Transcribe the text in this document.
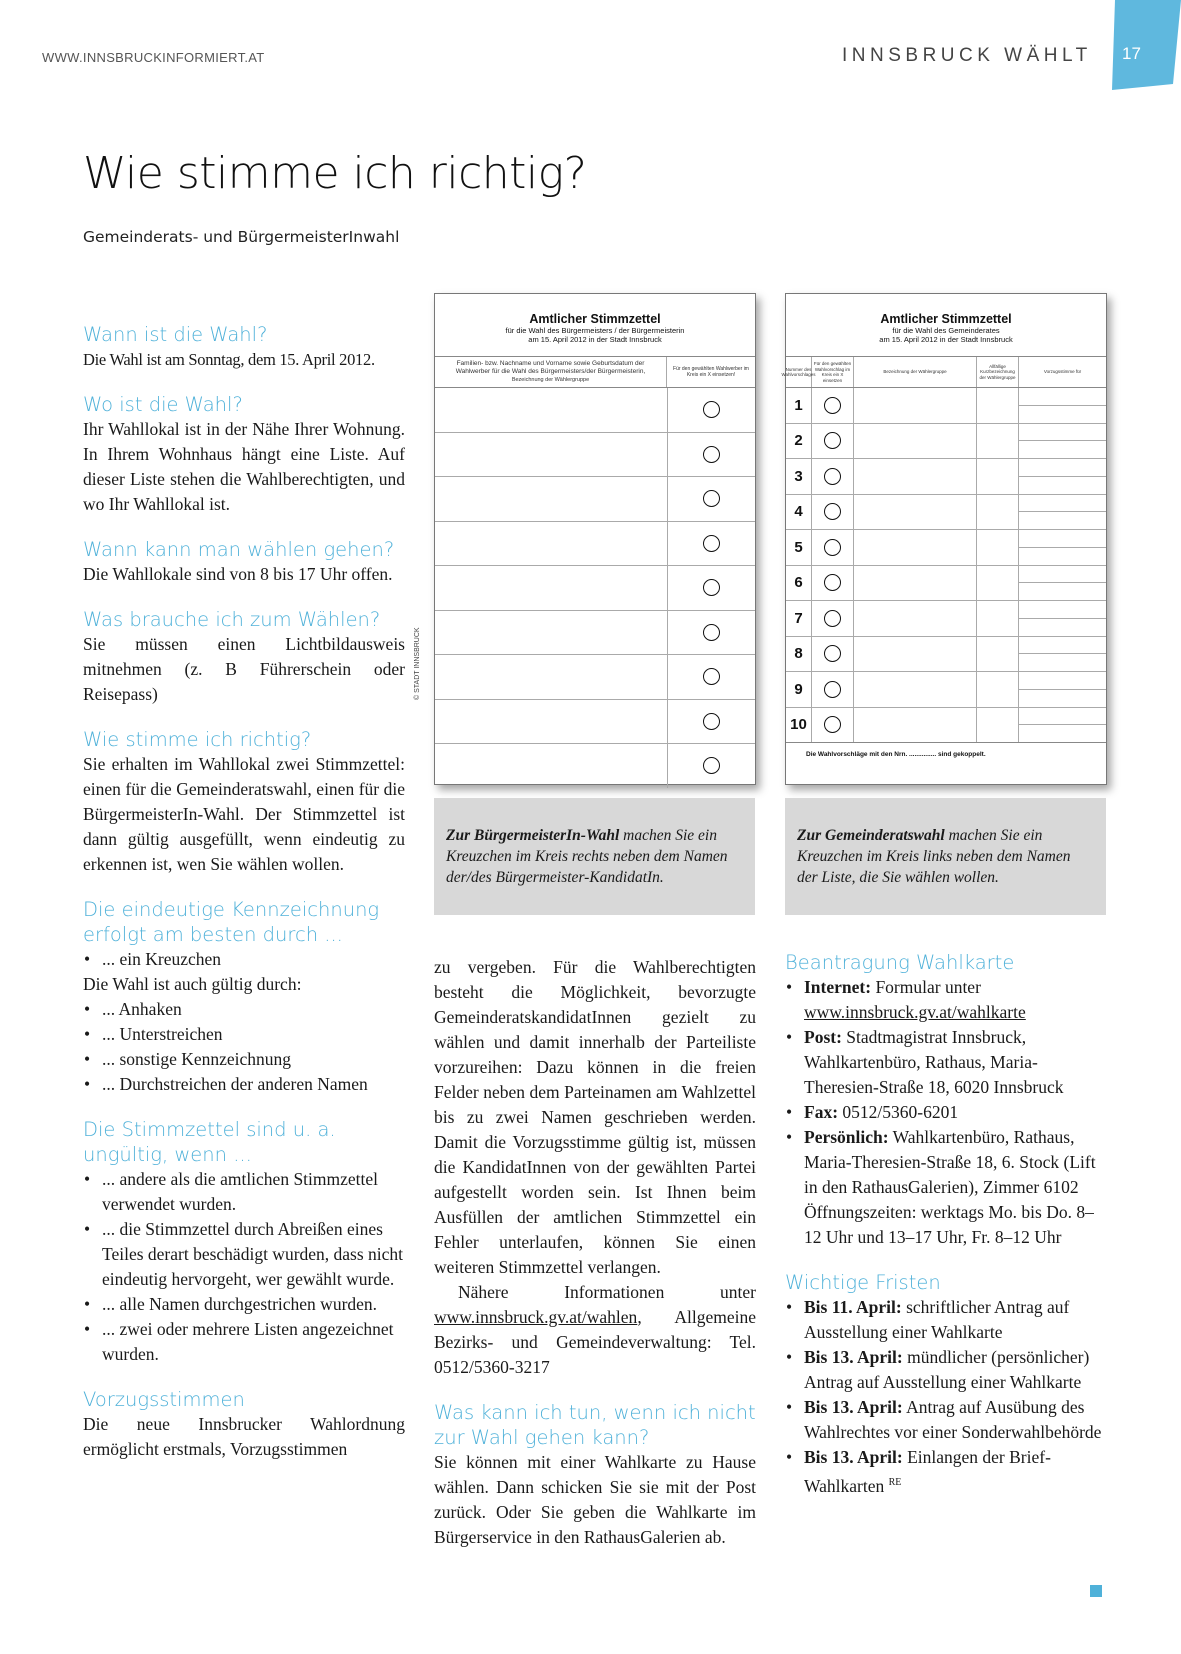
WWW.INNSBRUCKINFORMIERT.AT	INNSBRUCK WÄHLT 17
Wie stimme ich richtig?
Gemeinderats- und BürgermeisterInwahl
Wann ist die Wahl?

Die Wahl ist am Sonntag, dem 15. April 2012.

Wo ist die Wahl?

Ihr Wahllokal ist in der Nähe Ihrer Wohnung. In Ihrem Wohnhaus hängt eine Liste. Auf dieser Liste stehen die Wahlberechtigten, und wo Ihr Wahllokal ist.

Wann kann man wählen gehen?

Die Wahllokale sind von 8 bis 17 Uhr offen.

Was brauche ich zum Wählen?

Sie müssen einen Lichtbildausweis mitnehmen (z. B Führerschein oder Reisepass)

Wie stimme ich richtig?

Sie erhalten im Wahllokal zwei Stimmzettel: einen für die Gemeinderatswahl, einen für die BürgermeisterIn-Wahl. Der Stimmzettel ist dann gültig ausgefüllt, wenn eindeutig zu erkennen ist, wen Sie wählen wollen.

Die eindeutige Kennzeichnung erfolgt am besten durch ...
• ... ein Kreuzchen

Die Wahl ist auch gültig durch:

• ... Anhaken
• ... Unterstreichen
• ... sonstige Kennzeichnung
• ... Durchstreichen der anderen Namen
Die Stimmzettel sind u. a. ungültig, wenn ...
• ... andere als die amtlichen Stimmzettel verwendet wurden.
• ... die Stimmzettel durch Abreißen eines Teiles derart beschädigt wurden, dass nicht eindeutig hervorgeht, wer gewählt wurde.
• ... alle Namen durchgestrichen wurden.
• ... zwei oder mehrere Listen angezeichnet wurden.
Vorzugsstimmen

Die neue Innsbrucker Wahlordnung ermöglicht erstmals, Vorzugsstimmen

© STADT INNSBRUCK
Amtlicher Stimmzettel
für die Wahl des Bürgermeisters / der Bürgermeisterin
am 15. April 2012 in der Stadt Innsbruck
Familien- bzw. Nachname und Vorname sowie Geburtsdatum der Wahlwerber für die Wahl des Bürgermeisters/der Bürgermeisterin,
Bezeichnung der Wählergruppe
Für den gewählten Wahlwerber im Kreis ein X einsetzen!
Amtlicher Stimmzettel
für die Wahl des Gemeinderates
am 15. April 2012 in der Stadt Innsbruck
Nummer des Wahlvorschlages
Für den gewählten Wahlvorschlag im Kreis ein X einsetzen
Bezeichnung der Wählergruppe
Allfällige Kurzbezeichnung der Wählergruppe
Vorzugsstimme für
1
2
3
4
5
6
7
8
9
10
Die Wahlvorschläge mit den Nrn. ............... sind gekoppelt.
Zur BürgermeisterIn-Wahl machen Sie ein Kreuzchen im Kreis rechts neben dem Namen der/des Bürgermeister-KandidatIn.
Zur Gemeinderatswahl machen Sie ein Kreuzchen im Kreis links neben dem Namen der Liste, die Sie wählen wollen.

zu vergeben. Für die Wahlberechtigten besteht die Möglichkeit, bevorzugte GemeinderatskandidatInnen gezielt zu wählen und damit innerhalb der Parteiliste vorzureihen: Dazu können in die freien Felder neben dem Parteinamen am Wahlzettel bis zu zwei Namen geschrieben werden. Damit die Vorzugsstimme gültig ist, müssen die KandidatInnen von der gewählten Partei aufgestellt worden sein. Ist Ihnen beim Ausfüllen der amtlichen Stimmzettel ein Fehler unterlaufen, können Sie einen weiteren Stimmzettel verlangen.

Nähere Informationen unter www.innsbruck.gv.at/wahlen, Allgemeine Bezirks- und Gemeindeverwaltung: Tel. 0512/5360-3217

Was kann ich tun, wenn ich nicht zur Wahl gehen kann?

Sie können mit einer Wahlkarte zu Hause wählen. Dann schicken Sie sie mit der Post zurück. Oder Sie geben die Wahlkarte im Bürgerservice in den RathausGalerien ab.

Beantragung Wahlkarte
• Internet: Formular unter www.innsbruck.gv.at/wahlkarte
• Post: Stadtmagistrat Innsbruck, Wahlkartenbüro, Rathaus, Maria-Theresien-Straße 18, 6020 Innsbruck
• Fax: 0512/5360-6201
• Persönlich: Wahlkartenbüro, Rathaus, Maria-Theresien-Straße 18, 6. Stock (Lift in den RathausGalerien), Zimmer 6102

Öffnungszeiten: werktags Mo. bis Do. 8–12 Uhr und 13–17 Uhr, Fr. 8–12 Uhr

Wichtige Fristen
• Bis 11. April: schriftlicher Antrag auf Ausstellung einer Wahlkarte
• Bis 13. April: mündlicher (persönlicher) Antrag auf Ausstellung einer Wahlkarte
• Bis 13. April: Antrag auf Ausübung des Wahlrechtes vor einer Sonderwahlbehörde
• Bis 13. April: Einlangen der Brief-Wahlkarten $^{RE}$
